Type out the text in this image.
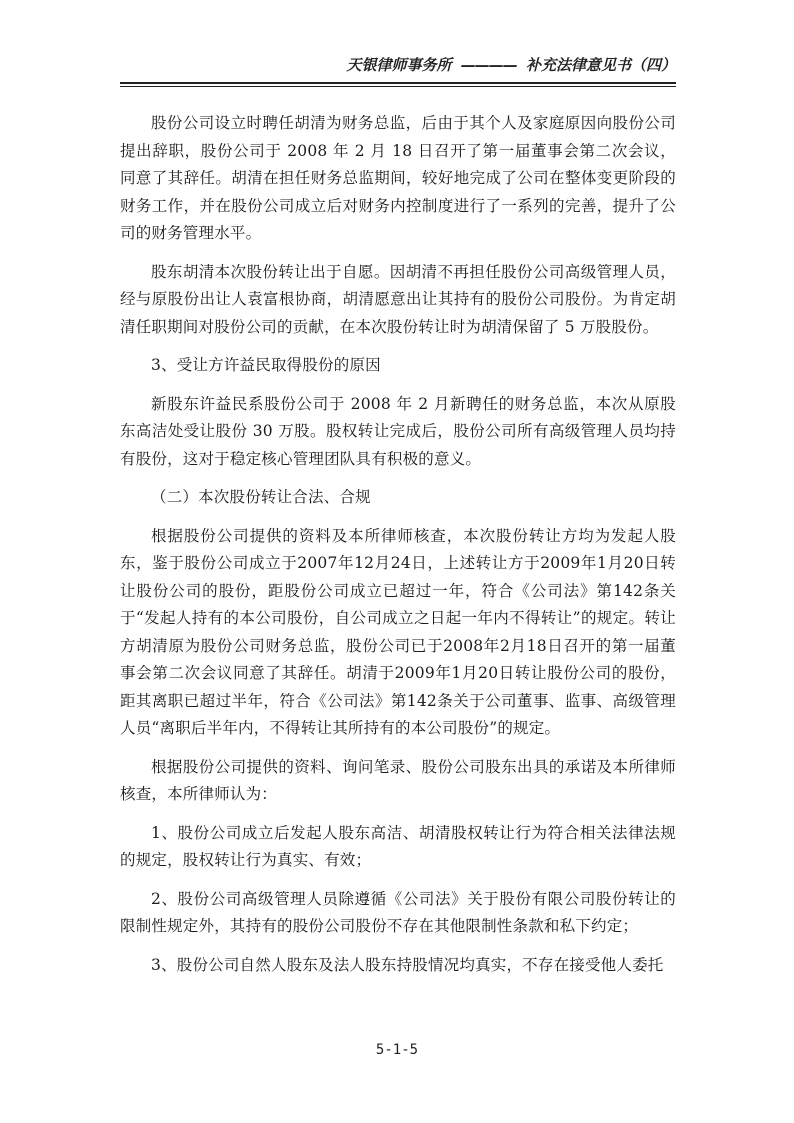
天银律师事务所 ———— 补充法律意见书（四）

股份公司设立时聘任胡清为财务总监，后由于其个人及家庭原因向股份公司提出辞职，股份公司于 2008 年 2 月 18 日召开了第一届董事会第二次会议，同意了其辞任。胡清在担任财务总监期间，较好地完成了公司在整体变更阶段的财务工作，并在股份公司成立后对财务内控制度进行了一系列的完善，提升了公司的财务管理水平。

股东胡清本次股份转让出于自愿。因胡清不再担任股份公司高级管理人员，经与原股份出让人袁富根协商，胡清愿意出让其持有的股份公司股份。为肯定胡清任职期间对股份公司的贡献，在本次股份转让时为胡清保留了 5 万股股份。

3、受让方许益民取得股份的原因

新股东许益民系股份公司于 2008 年 2 月新聘任的财务总监，本次从原股东高洁处受让股份 30 万股。股权转让完成后，股份公司所有高级管理人员均持有股份，这对于稳定核心管理团队具有积极的意义。

（二）本次股份转让合法、合规

根据股份公司提供的资料及本所律师核查，本次股份转让方均为发起人股东，鉴于股份公司成立于2007年12月24日，上述转让方于2009年1月20日转让股份公司的股份，距股份公司成立已超过一年，符合《公司法》第142条关于“发起人持有的本公司股份，自公司成立之日起一年内不得转让”的规定。转让方胡清原为股份公司财务总监，股份公司已于2008年2月18日召开的第一届董事会第二次会议同意了其辞任。胡清于2009年1月20日转让股份公司的股份，距其离职已超过半年，符合《公司法》第142条关于公司董事、监事、高级管理人员“离职后半年内，不得转让其所持有的本公司股份”的规定。

根据股份公司提供的资料、询问笔录、股份公司股东出具的承诺及本所律师核查，本所律师认为：

1、股份公司成立后发起人股东高洁、胡清股权转让行为符合相关法律法规的规定，股权转让行为真实、有效；

2、股份公司高级管理人员除遵循《公司法》关于股份有限公司股份转让的限制性规定外，其持有的股份公司股份不存在其他限制性条款和私下约定；

3、股份公司自然人股东及法人股东持股情况均真实，不存在接受他人委托

5-1-5
